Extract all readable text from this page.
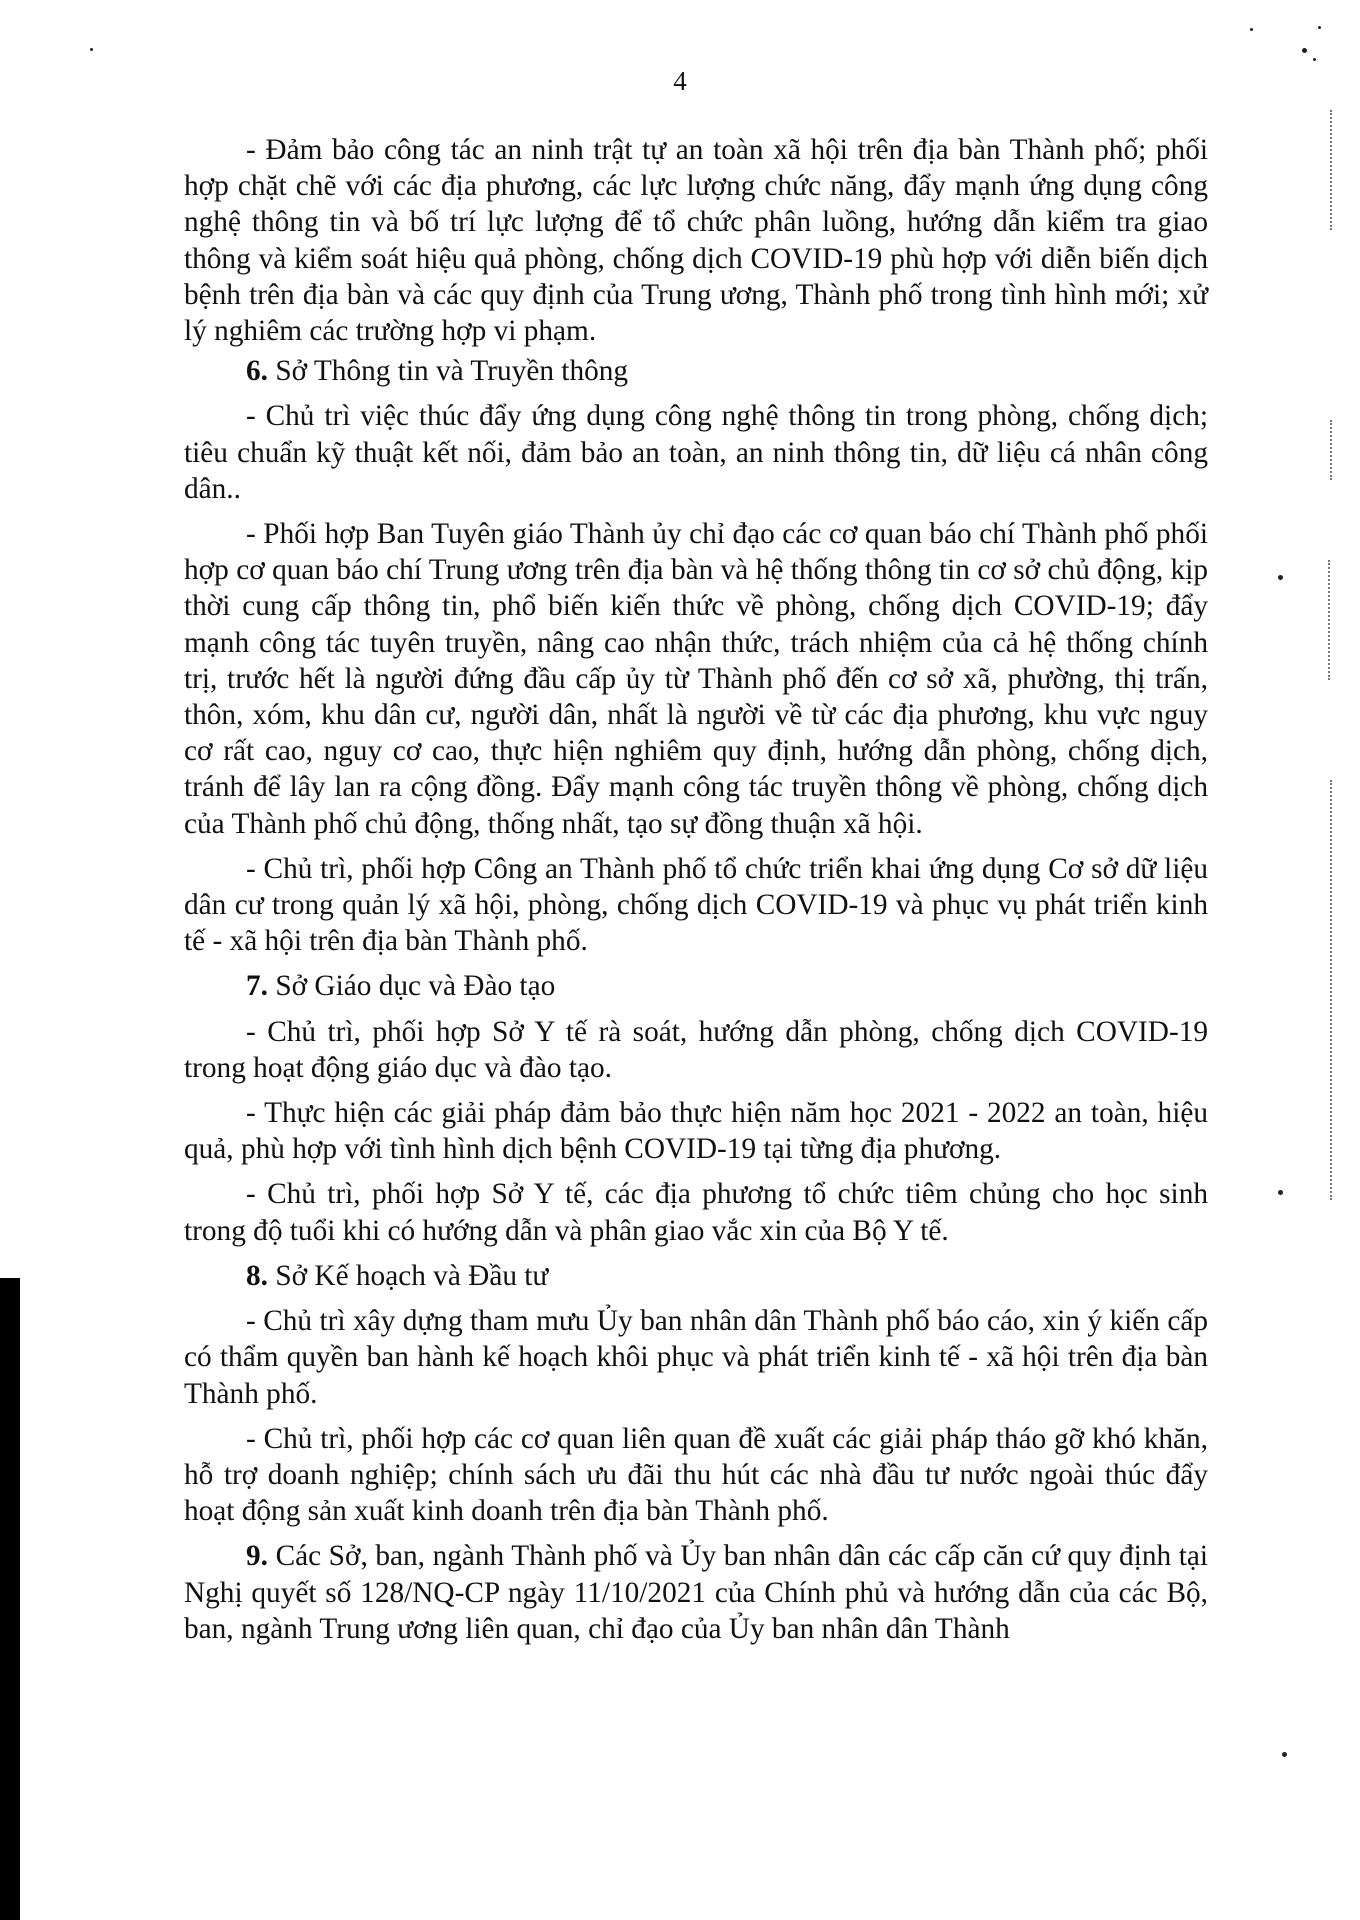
4

- Đảm bảo công tác an ninh trật tự an toàn xã hội trên địa bàn Thành phố; phối hợp chặt chẽ với các địa phương, các lực lượng chức năng, đẩy mạnh ứng dụng công nghệ thông tin và bố trí lực lượng để tổ chức phân luồng, hướng dẫn kiểm tra giao thông và kiểm soát hiệu quả phòng, chống dịch COVID-19 phù hợp với diễn biến dịch bệnh trên địa bàn và các quy định của Trung ương, Thành phố trong tình hình mới; xử lý nghiêm các trường hợp vi phạm.

6. Sở Thông tin và Truyền thông

- Chủ trì việc thúc đẩy ứng dụng công nghệ thông tin trong phòng, chống dịch; tiêu chuẩn kỹ thuật kết nối, đảm bảo an toàn, an ninh thông tin, dữ liệu cá nhân công dân..

- Phối hợp Ban Tuyên giáo Thành ủy chỉ đạo các cơ quan báo chí Thành phố phối hợp cơ quan báo chí Trung ương trên địa bàn và hệ thống thông tin cơ sở chủ động, kịp thời cung cấp thông tin, phổ biến kiến thức về phòng, chống dịch COVID-19; đẩy mạnh công tác tuyên truyền, nâng cao nhận thức, trách nhiệm của cả hệ thống chính trị, trước hết là người đứng đầu cấp ủy từ Thành phố đến cơ sở xã, phường, thị trấn, thôn, xóm, khu dân cư, người dân, nhất là người về từ các địa phương, khu vực nguy cơ rất cao, nguy cơ cao, thực hiện nghiêm quy định, hướng dẫn phòng, chống dịch, tránh để lây lan ra cộng đồng. Đẩy mạnh công tác truyền thông về phòng, chống dịch của Thành phố chủ động, thống nhất, tạo sự đồng thuận xã hội.

- Chủ trì, phối hợp Công an Thành phố tổ chức triển khai ứng dụng Cơ sở dữ liệu dân cư trong quản lý xã hội, phòng, chống dịch COVID-19 và phục vụ phát triển kinh tế - xã hội trên địa bàn Thành phố.

7. Sở Giáo dục và Đào tạo

- Chủ trì, phối hợp Sở Y tế rà soát, hướng dẫn phòng, chống dịch COVID-19 trong hoạt động giáo dục và đào tạo.

- Thực hiện các giải pháp đảm bảo thực hiện năm học 2021 - 2022 an toàn, hiệu quả, phù hợp với tình hình dịch bệnh COVID-19 tại từng địa phương.

- Chủ trì, phối hợp Sở Y tế, các địa phương tổ chức tiêm chủng cho học sinh trong độ tuổi khi có hướng dẫn và phân giao vắc xin của Bộ Y tế.

8. Sở Kế hoạch và Đầu tư

- Chủ trì xây dựng tham mưu Ủy ban nhân dân Thành phố báo cáo, xin ý kiến cấp có thẩm quyền ban hành kế hoạch khôi phục và phát triển kinh tế - xã hội trên địa bàn Thành phố.

- Chủ trì, phối hợp các cơ quan liên quan đề xuất các giải pháp tháo gỡ khó khăn, hỗ trợ doanh nghiệp; chính sách ưu đãi thu hút các nhà đầu tư nước ngoài thúc đẩy hoạt động sản xuất kinh doanh trên địa bàn Thành phố.

9. Các Sở, ban, ngành Thành phố và Ủy ban nhân dân các cấp căn cứ quy định tại Nghị quyết số 128/NQ-CP ngày 11/10/2021 của Chính phủ và hướng dẫn của các Bộ, ban, ngành Trung ương liên quan, chỉ đạo của Ủy ban nhân dân Thành
